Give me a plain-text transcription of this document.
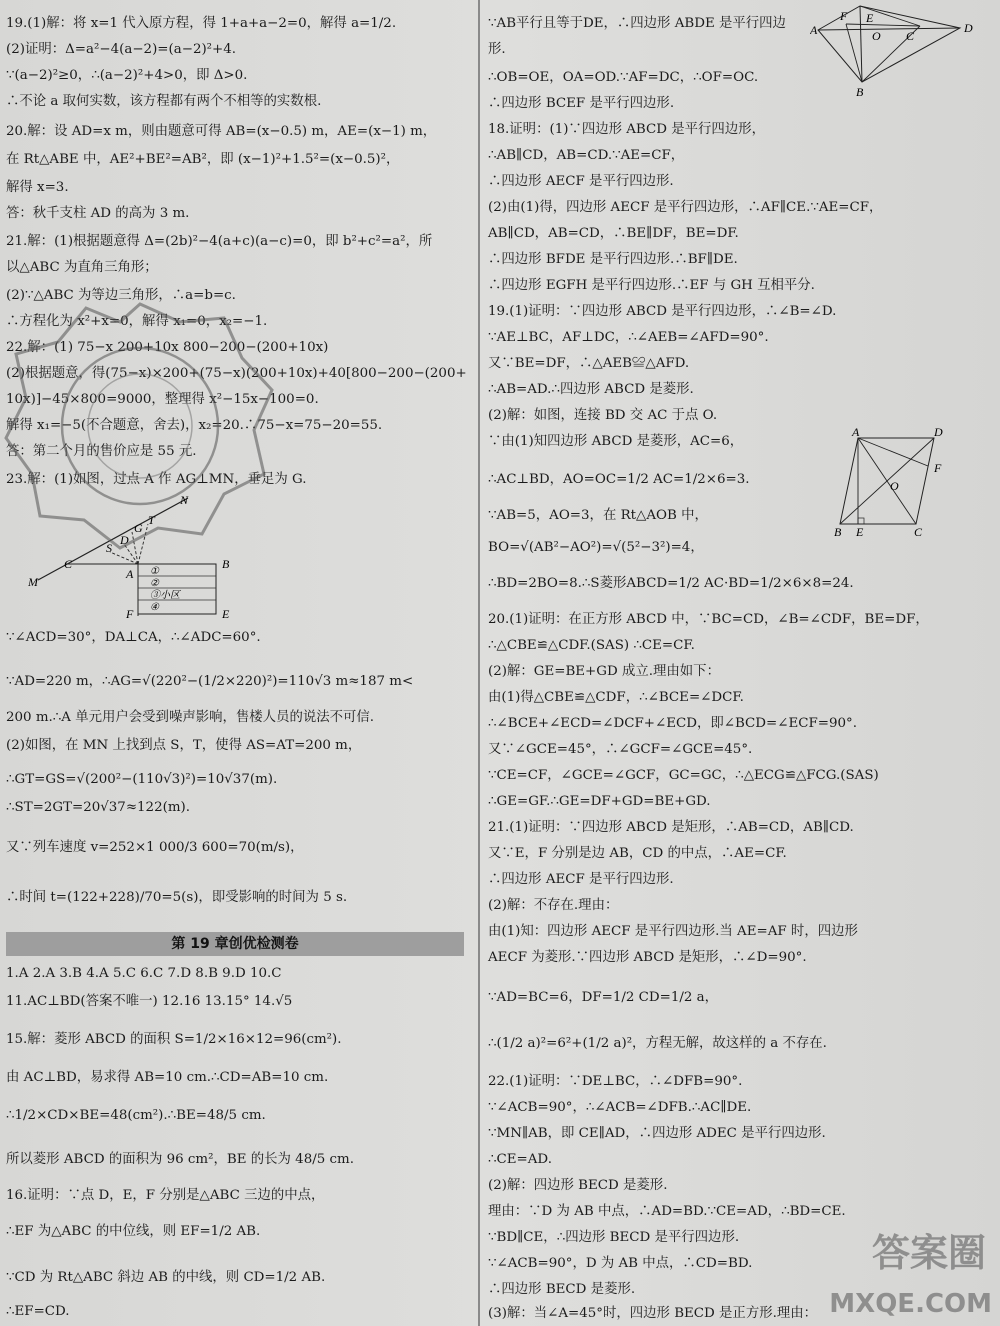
19.(1)解：将 x=1 代入原方程，得 1+a+a−2=0，解得 a=1/2.
(2)证明：Δ=a²−4(a−2)=(a−2)²+4.
∵(a−2)²≥0，∴(a−2)²+4>0，即 Δ>0.
∴不论 a 取何实数，该方程都有两个不相等的实数根.
20.解：设 AD=x m，则由题意可得 AB=(x−0.5) m，AE=(x−1) m，
在 Rt△ABE 中，AE²+BE²=AB²，即 (x−1)²+1.5²=(x−0.5)²，
解得 x=3.
答：秋千支柱 AD 的高为 3 m.
21.解：(1)根据题意得 Δ=(2b)²−4(a+c)(a−c)=0，即 b²+c²=a²，所
以△ABC 为直角三角形；
(2)∵△ABC 为等边三角形，∴a=b=c.
∴方程化为 x²+x=0，解得 x₁=0，x₂=−1.
22.解：(1) 75−x 200+10x 800−200−(200+10x)
(2)根据题意，得(75−x)×200+(75−x)(200+10x)+40[800−200−(200+
10x)]−45×800=9000，整理得 x²−15x−100=0.
解得 x₁=−5(不合题意，舍去)，x₂=20.∴75−x=75−20=55.
答：第二个月的售价应是 55 元.
23.解：(1)如图，过点 A 作 AG⊥MN，垂足为 G.
N
T
G
D
S
C
M
A
B
F	E
①
②
③小区
④
∵∠ACD=30°，DA⊥CA，∴∠ADC=60°.
∵AD=220 m，∴AG=√(220²−(1/2×220)²)=110√3 m≈187 m<
200 m.∴A 单元用户会受到噪声影响，售楼人员的说法不可信.
(2)如图，在 MN 上找到点 S，T，使得 AS=AT=200 m，
∴GT=GS=√(200²−(110√3)²)=10√37(m).
∴ST=2GT=20√37≈122(m).
又∵列车速度 v=252×1 000/3 600=70(m/s)，
∴时间 t=(122+228)/70=5(s)，即受影响的时间为 5 s.
第 19 章创优检测卷
1.A 2.A 3.B 4.A 5.C 6.C 7.D 8.B 9.D 10.C
11.AC⊥BD(答案不唯一) 12.16 13.15° 14.√5
15.解：菱形 ABCD 的面积 S=1/2×16×12=96(cm²).
由 AC⊥BD，易求得 AB=10 cm.∴CD=AB=10 cm.
∴1/2×CD×BE=48(cm²).∴BE=48/5 cm.
所以菱形 ABCD 的面积为 96 cm²，BE 的长为 48/5 cm.
16.证明：∵点 D，E，F 分别是△ABC 三边的中点，
∴EF 为△ABC 的中位线，则 EF=1/2 AB.
∵CD 为 Rt△ABC 斜边 AB 的中线，则 CD=1/2 AB.
∴EF=CD.
F E
A	O C
D
B
∵AB平行且等于DE，∴四边形 ABDE 是平行四边
形.
∴OB=OE，OA=OD.∵AF=DC，∴OF=OC.
∴四边形 BCEF 是平行四边形.
18.证明：(1)∵四边形 ABCD 是平行四边形，
∴AB∥CD，AB=CD.∵AE=CF，
∴四边形 AECF 是平行四边形.
(2)由(1)得，四边形 AECF 是平行四边形，∴AF∥CE.∵AE=CF，
AB∥CD，AB=CD，∴BE∥DF，BE=DF.
∴四边形 BFDE 是平行四边形.∴BF∥DE.
∴四边形 EGFH 是平行四边形.∴EF 与 GH 互相平分.
19.(1)证明：∵四边形 ABCD 是平行四边形，∴∠B=∠D.
∵AE⊥BC，AF⊥DC，∴∠AEB=∠AFD=90°.
又∵BE=DF，∴△AEB≌△AFD.
∴AB=AD.∴四边形 ABCD 是菱形.
(2)解：如图，连接 BD 交 AC 于点 O.
∵由(1)知四边形 ABCD 是菱形，AC=6，
A	D
F
O
B E	C
∴AC⊥BD，AO=OC=1/2 AC=1/2×6=3.
∵AB=5，AO=3，在 Rt△AOB 中，
BO=√(AB²−AO²)=√(5²−3²)=4，
∴BD=2BO=8.∴S菱形ABCD=1/2 AC·BD=1/2×6×8=24.
20.(1)证明：在正方形 ABCD 中，∵BC=CD，∠B=∠CDF，BE=DF，
∴△CBE≌△CDF.(SAS) ∴CE=CF.
(2)解：GE=BE+GD 成立.理由如下：
由(1)得△CBE≌△CDF，∴∠BCE=∠DCF.
∴∠BCE+∠ECD=∠DCF+∠ECD，即∠BCD=∠ECF=90°.
又∵∠GCE=45°，∴∠GCF=∠GCE=45°.
∵CE=CF，∠GCE=∠GCF，GC=GC，∴△ECG≌△FCG.(SAS)
∴GE=GF.∴GE=DF+GD=BE+GD.
21.(1)证明：∵四边形 ABCD 是矩形，∴AB=CD，AB∥CD.
又∵E，F 分别是边 AB，CD 的中点，∴AE=CF.
∴四边形 AECF 是平行四边形.
(2)解：不存在.理由：
由(1)知：四边形 AECF 是平行四边形.当 AE=AF 时，四边形
AECF 为菱形.∵四边形 ABCD 是矩形，∴∠D=90°.
∵AD=BC=6，DF=1/2 CD=1/2 a，
∴(1/2 a)²=6²+(1/2 a)²，方程无解，故这样的 a 不存在.
22.(1)证明：∵DE⊥BC，∴∠DFB=90°.
∵∠ACB=90°，∴∠ACB=∠DFB.∴AC∥DE.
∵MN∥AB，即 CE∥AD，∴四边形 ADEC 是平行四边形.
∴CE=AD.
(2)解：四边形 BECD 是菱形.
理由：∵D 为 AB 中点，∴AD=BD.∵CE=AD，∴BD=CE.
∵BD∥CE，∴四边形 BECD 是平行四边形.
∵∠ACB=90°，D 为 AB 中点，∴CD=BD.
∴四边形 BECD 是菱形.
(3)解：当∠A=45°时，四边形 BECD 是正方形.理由：
答案圈
MXQE.COM
